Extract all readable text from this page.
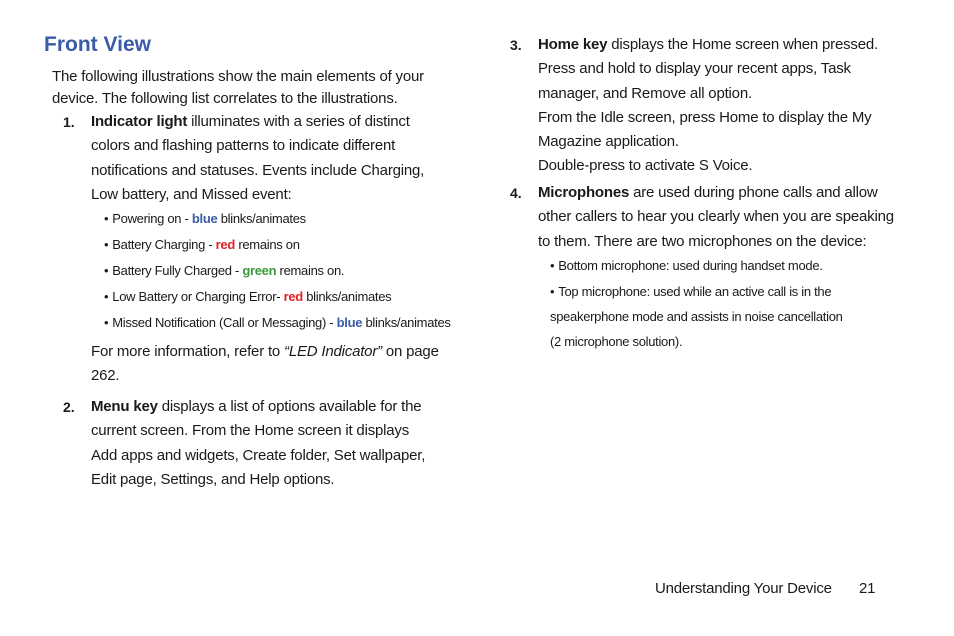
Front View
The following illustrations show the main elements of your device. The following list correlates to the illustrations.
1. Indicator light illuminates with a series of distinct
colors and flashing patterns to indicate different
notifications and statuses. Events include Charging,
Low battery, and Missed event:
• Powering on - blue blinks/animates
• Battery Charging - red remains on
• Battery Fully Charged - green remains on.
• Low Battery or Charging Error- red blinks/animates
• Missed Notification (Call or Messaging) - blue blinks/animates
For more information, refer to “LED Indicator” on page
262.
2. Menu key displays a list of options available for the
current screen. From the Home screen it displays
Add apps and widgets, Create folder, Set wallpaper,
Edit page, Settings, and Help options.
3. Home key displays the Home screen when pressed.
Press and hold to display your recent apps, Task
manager, and Remove all option.
From the Idle screen, press Home to display the My
Magazine application.
Double-press to activate S Voice.
4. Microphones are used during phone calls and allow
other callers to hear you clearly when you are speaking
to them. There are two microphones on the device:
• Bottom microphone: used during handset mode.
• Top microphone: used while an active call is in the
speakerphone mode and assists in noise cancellation
(2 microphone solution).
Understanding Your Device 21
